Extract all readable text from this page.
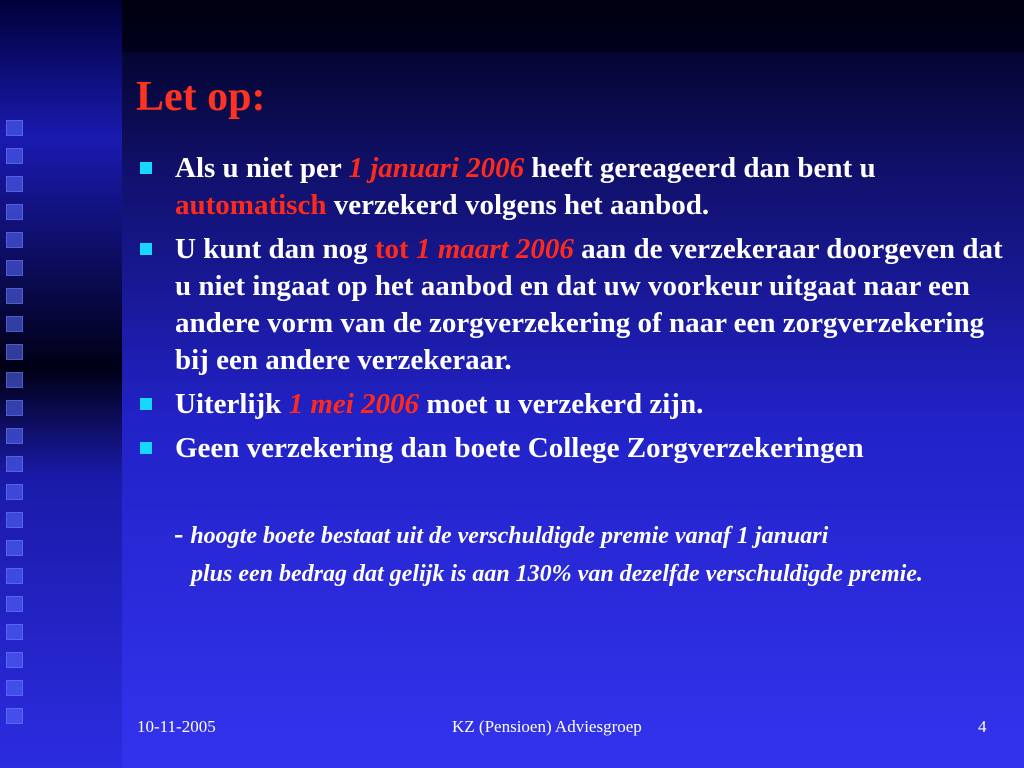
Let op:
Als u niet per 1 januari 2006 heeft gereageerd dan bent u automatisch verzekerd volgens het aanbod.
U kunt dan nog tot 1 maart 2006 aan de verzekeraar doorgeven dat u niet ingaat op het aanbod en dat uw voorkeur uitgaat naar een andere vorm van de zorgverzekering of naar een zorgverzekering bij een andere verzekeraar.
Uiterlijk 1 mei 2006 moet u verzekerd zijn.
Geen verzekering dan boete College Zorgverzekeringen
- hoogte boete bestaat uit de verschuldigde premie vanaf 1 januari
plus een bedrag dat gelijk is aan 130% van dezelfde verschuldigde premie.
10-11-2005	KZ (Pensioen) Adviesgroep	4
